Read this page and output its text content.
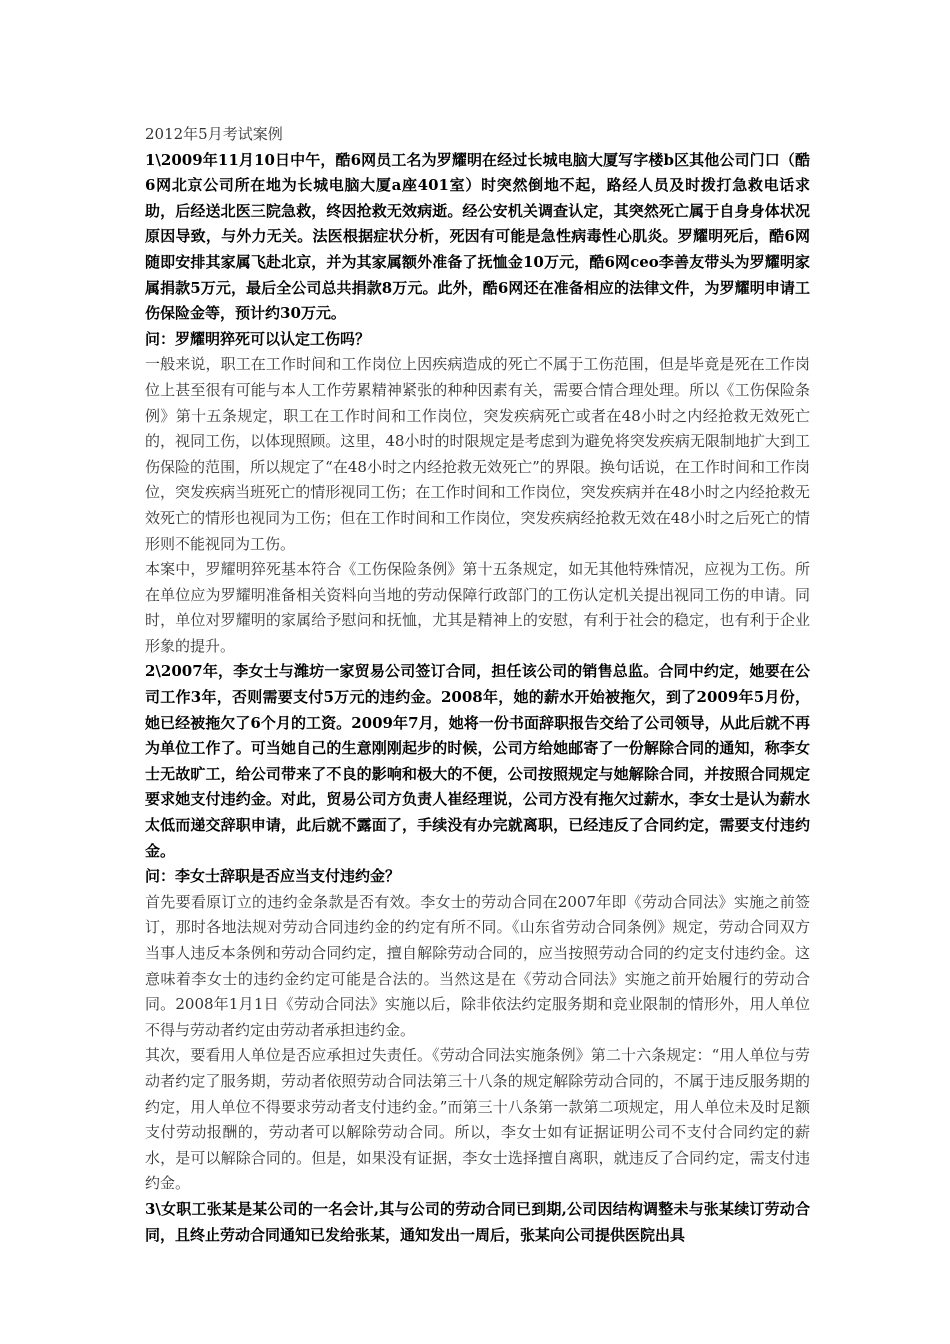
2012年5月考试案例

1\2009年11月10日中午，酷6网员工名为罗耀明在经过长城电脑大厦写字楼b区其他公司门口（酷6网北京公司所在地为长城电脑大厦a座401室）时突然倒地不起，路经人员及时拨打急救电话求助，后经送北医三院急救，终因抢救无效病逝。经公安机关调查认定，其突然死亡属于自身身体状况原因导致，与外力无关。法医根据症状分析，死因有可能是急性病毒性心肌炎。罗耀明死后，酷6网随即安排其家属飞赴北京，并为其家属额外准备了抚恤金10万元，酷6网ceo李善友带头为罗耀明家属捐款5万元，最后全公司总共捐款8万元。此外，酷6网还在准备相应的法律文件，为罗耀明申请工伤保险金等，预计约30万元。

问：罗耀明猝死可以认定工伤吗？

一般来说，职工在工作时间和工作岗位上因疾病造成的死亡不属于工伤范围，但是毕竟是死在工作岗位上甚至很有可能与本人工作劳累精神紧张的种种因素有关，需要合情合理处理。所以《工伤保险条例》第十五条规定，职工在工作时间和工作岗位，突发疾病死亡或者在48小时之内经抢救无效死亡的，视同工伤，以体现照顾。这里，48小时的时限规定是考虑到为避免将突发疾病无限制地扩大到工伤保险的范围，所以规定了“在48小时之内经抢救无效死亡”的界限。换句话说，在工作时间和工作岗位，突发疾病当班死亡的情形视同工伤；在工作时间和工作岗位，突发疾病并在48小时之内经抢救无效死亡的情形也视同为工伤；但在工作时间和工作岗位，突发疾病经抢救无效在48小时之后死亡的情形则不能视同为工伤。

本案中，罗耀明猝死基本符合《工伤保险条例》第十五条规定，如无其他特殊情况，应视为工伤。所在单位应为罗耀明准备相关资料向当地的劳动保障行政部门的工伤认定机关提出视同工伤的申请。同时，单位对罗耀明的家属给予慰问和抚恤，尤其是精神上的安慰，有利于社会的稳定，也有利于企业形象的提升。

2\2007年，李女士与潍坊一家贸易公司签订合同，担任该公司的销售总监。合同中约定，她要在公司工作3年，否则需要支付5万元的违约金。2008年，她的薪水开始被拖欠，到了2009年5月份，她已经被拖欠了6个月的工资。2009年7月，她将一份书面辞职报告交给了公司领导，从此后就不再为单位工作了。可当她自己的生意刚刚起步的时候，公司方给她邮寄了一份解除合同的通知，称李女士无故旷工，给公司带来了不良的影响和极大的不便，公司按照规定与她解除合同，并按照合同规定要求她支付违约金。对此，贸易公司方负责人崔经理说，公司方没有拖欠过薪水，李女士是认为薪水太低而递交辞职申请，此后就不露面了，手续没有办完就离职，已经违反了合同约定，需要支付违约金。

问：李女士辞职是否应当支付违约金？

首先要看原订立的违约金条款是否有效。李女士的劳动合同在2007年即《劳动合同法》实施之前签订，那时各地法规对劳动合同违约金的约定有所不同。《山东省劳动合同条例》规定，劳动合同双方当事人违反本条例和劳动合同约定，擅自解除劳动合同的，应当按照劳动合同的约定支付违约金。这意味着李女士的违约金约定可能是合法的。当然这是在《劳动合同法》实施之前开始履行的劳动合同。2008年1月1日《劳动合同法》实施以后，除非依法约定服务期和竞业限制的情形外，用人单位不得与劳动者约定由劳动者承担违约金。

其次，要看用人单位是否应承担过失责任。《劳动合同法实施条例》第二十六条规定：“用人单位与劳动者约定了服务期，劳动者依照劳动合同法第三十八条的规定解除劳动合同的，不属于违反服务期的约定，用人单位不得要求劳动者支付违约金。”而第三十八条第一款第二项规定，用人单位未及时足额支付劳动报酬的，劳动者可以解除劳动合同。所以，李女士如有证据证明公司不支付合同约定的薪水，是可以解除合同的。但是，如果没有证据，李女士选择擅自离职，就违反了合同约定，需支付违约金。

3\女职工张某是某公司的一名会计,其与公司的劳动合同已到期,公司因结构调整未与张某续订劳动合同，且终止劳动合同通知已发给张某，通知发出一周后，张某向公司提供医院出具
